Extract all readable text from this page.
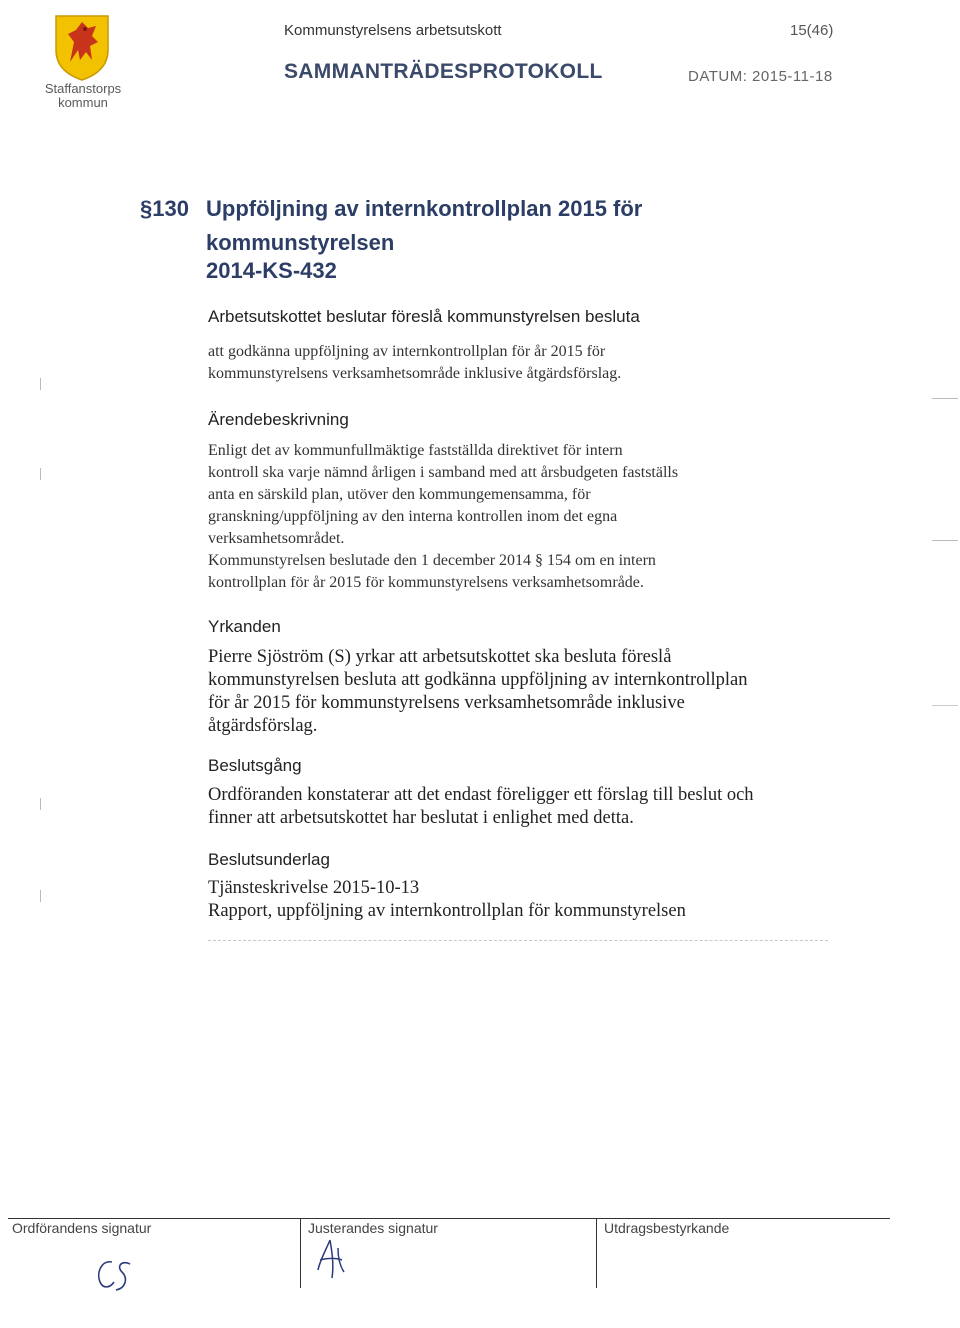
Staffanstorps
kommun
Kommunstyrelsens arbetsutskott	15(46)
SAMMANTRÄDESPROTOKOLL	DATUM: 2015-11-18
§130 Uppföljning av internkontrollplan 2015 för
kommunstyrelsen
2014-KS-432
Arbetsutskottet beslutar föreslå kommunstyrelsen besluta
att godkänna uppföljning av internkontrollplan för år 2015 för
kommunstyrelsens verksamhetsområde inklusive åtgärdsförslag.
Ärendebeskrivning
Enligt det av kommunfullmäktige fastställda direktivet för intern
kontroll ska varje nämnd årligen i samband med att årsbudgeten fastställs
anta en särskild plan, utöver den kommungemensamma, för
granskning/uppföljning av den interna kontrollen inom det egna
verksamhetsområdet.
Kommunstyrelsen beslutade den 1 december 2014 § 154 om en intern
kontrollplan för år 2015 för kommunstyrelsens verksamhetsområde.
Yrkanden
Pierre Sjöström (S) yrkar att arbetsutskottet ska besluta föreslå
kommunstyrelsen besluta att godkänna uppföljning av internkontrollplan
för år 2015 för kommunstyrelsens verksamhetsområde inklusive
åtgärdsförslag.
Beslutsgång
Ordföranden konstaterar att det endast föreligger ett förslag till beslut och
finner att arbetsutskottet har beslutat i enlighet med detta.
Beslutsunderlag
Tjänsteskrivelse 2015-10-13
Rapport, uppföljning av internkontrollplan för kommunstyrelsen
Ordförandens signatur	Justerandes signatur	Utdragsbestyrkande
